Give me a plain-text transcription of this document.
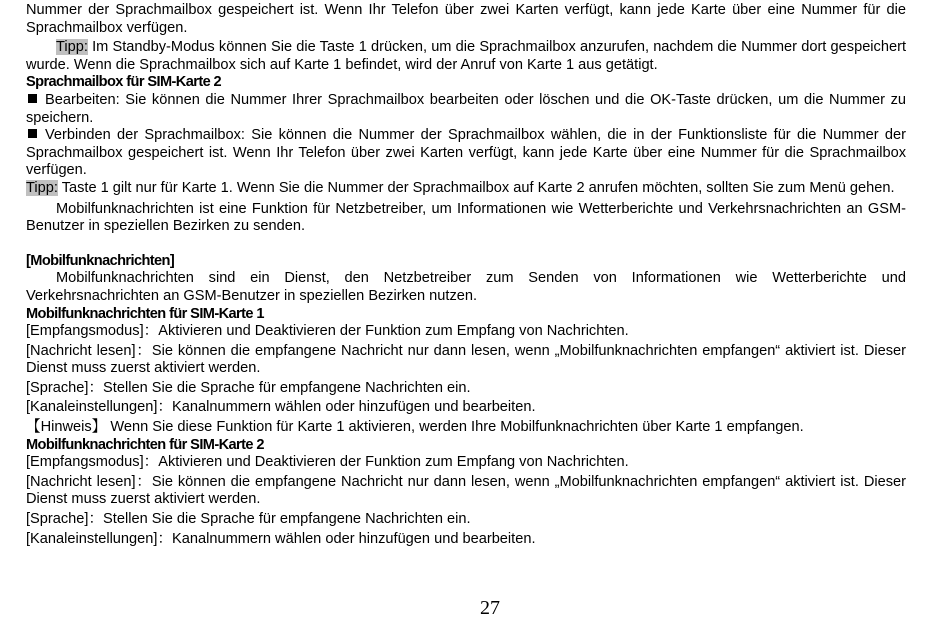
Nummer der Sprachmailbox gespeichert ist. Wenn Ihr Telefon über zwei Karten verfügt, kann jede Karte über eine Nummer für die Sprachmailbox verfügen.

Tipp: Im Standby-Modus können Sie die Taste 1 drücken, um die Sprachmailbox anzurufen, nachdem die Nummer dort gespeichert wurde. Wenn die Sprachmailbox sich auf Karte 1 befindet, wird der Anruf von Karte 1 aus getätigt.

Sprachmailbox für SIM-Karte 2

Bearbeiten: Sie können die Nummer Ihrer Sprachmailbox bearbeiten oder löschen und die OK-Taste drücken, um die Nummer zu speichern.

Verbinden der Sprachmailbox: Sie können die Nummer der Sprachmailbox wählen, die in der Funktionsliste für die Nummer der Sprachmailbox gespeichert ist. Wenn Ihr Telefon über zwei Karten verfügt, kann jede Karte über eine Nummer für die Sprachmailbox verfügen.

Tipp: Taste 1 gilt nur für Karte 1. Wenn Sie die Nummer der Sprachmailbox auf Karte 2 anrufen möchten, sollten Sie zum Menü gehen.

Mobilfunknachrichten ist eine Funktion für Netzbetreiber, um Informationen wie Wetterberichte und Verkehrsnachrichten an GSM-Benutzer in speziellen Bezirken zu senden.

[Mobilfunknachrichten]

Mobilfunknachrichten sind ein Dienst, den Netzbetreiber zum Senden von Informationen wie Wetterberichte und Verkehrsnachrichten an GSM-Benutzer in speziellen Bezirken nutzen.

Mobilfunknachrichten für SIM-Karte 1

[Empfangsmodus]：Aktivieren und Deaktivieren der Funktion zum Empfang von Nachrichten.

[Nachricht lesen]：Sie können die empfangene Nachricht nur dann lesen, wenn „Mobilfunknachrichten empfangen“ aktiviert ist. Dieser Dienst muss zuerst aktiviert werden.

[Sprache]：Stellen Sie die Sprache für empfangene Nachrichten ein.

[Kanaleinstellungen]：Kanalnummern wählen oder hinzufügen und bearbeiten.

【Hinweis】 Wenn Sie diese Funktion für Karte 1 aktivieren, werden Ihre Mobilfunknachrichten über Karte 1 empfangen.

Mobilfunknachrichten für SIM-Karte 2

[Empfangsmodus]：Aktivieren und Deaktivieren der Funktion zum Empfang von Nachrichten.

[Nachricht lesen]：Sie können die empfangene Nachricht nur dann lesen, wenn „Mobilfunknachrichten empfangen“ aktiviert ist. Dieser Dienst muss zuerst aktiviert werden.

[Sprache]：Stellen Sie die Sprache für empfangene Nachrichten ein.

[Kanaleinstellungen]：Kanalnummern wählen oder hinzufügen und bearbeiten.

27
